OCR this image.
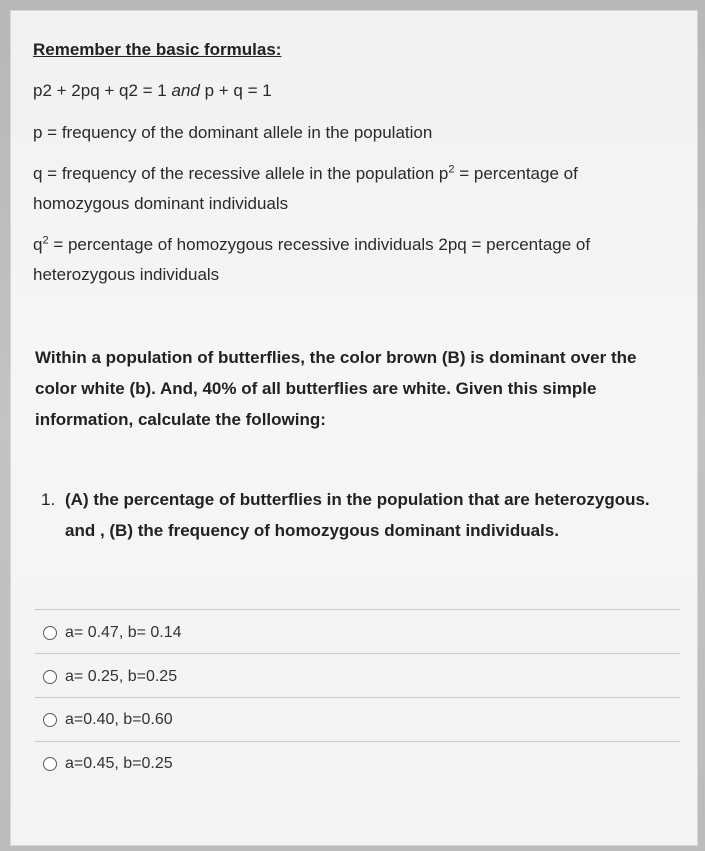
Remember the basic formulas:
p2 + 2pq + q2 = 1 and p + q = 1
p = frequency of the dominant allele in the population
q = frequency of the recessive allele in the population $p^2$ = percentage of homozygous dominant individuals
$q^2$ = percentage of homozygous recessive individuals 2pq = percentage of heterozygous individuals
Within a population of butterflies, the color brown (B) is dominant over the color white (b). And, 40% of all butterflies are white. Given this simple information, calculate the following:
1. (A) the percentage of butterflies in the population that are heterozygous. and , (B) the frequency of homozygous dominant individuals.
a= 0.47, b= 0.14
a= 0.25, b=0.25
a=0.40, b=0.60
a=0.45, b=0.25
